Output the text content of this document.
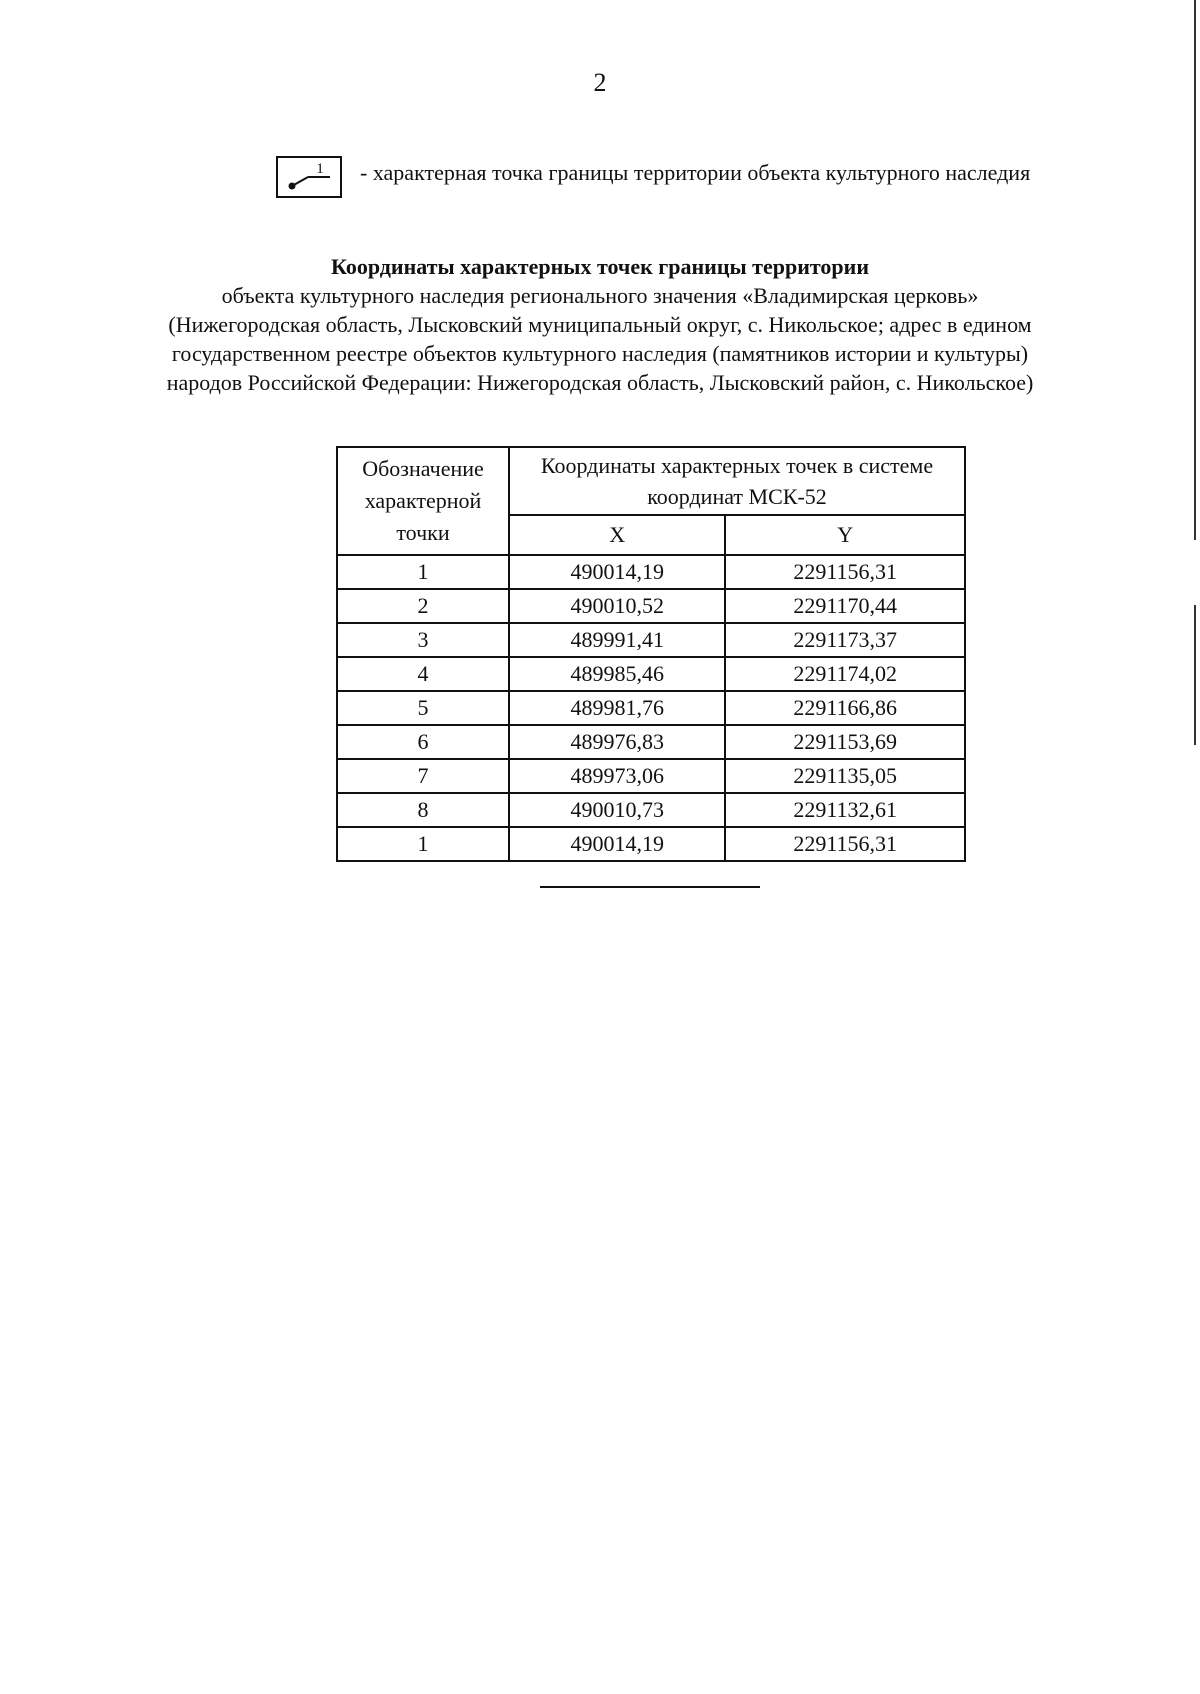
2
1 - характерная точка границы территории объекта культурного наследия
Координаты характерных точек границы территории
объекта культурного наследия регионального значения «Владимирская церковь» (Нижегородская область, Лысковский муниципальный округ, с. Никольское; адрес в едином государственном реестре объектов культурного наследия (памятников истории и культуры) народов Российской Федерации: Нижегородская область, Лысковский район, с. Никольское)
Обозначение характерной точки	Координаты характерных точек в системе координат МСК-52	
	X	Y
1	490014,19	2291156,31
2	490010,52	2291170,44
3	489991,41	2291173,37
4	489985,46	2291174,02
5	489981,76	2291166,86
6	489976,83	2291153,69
7	489973,06	2291135,05
8	490010,73	2291132,61
1	490014,19	2291156,31
